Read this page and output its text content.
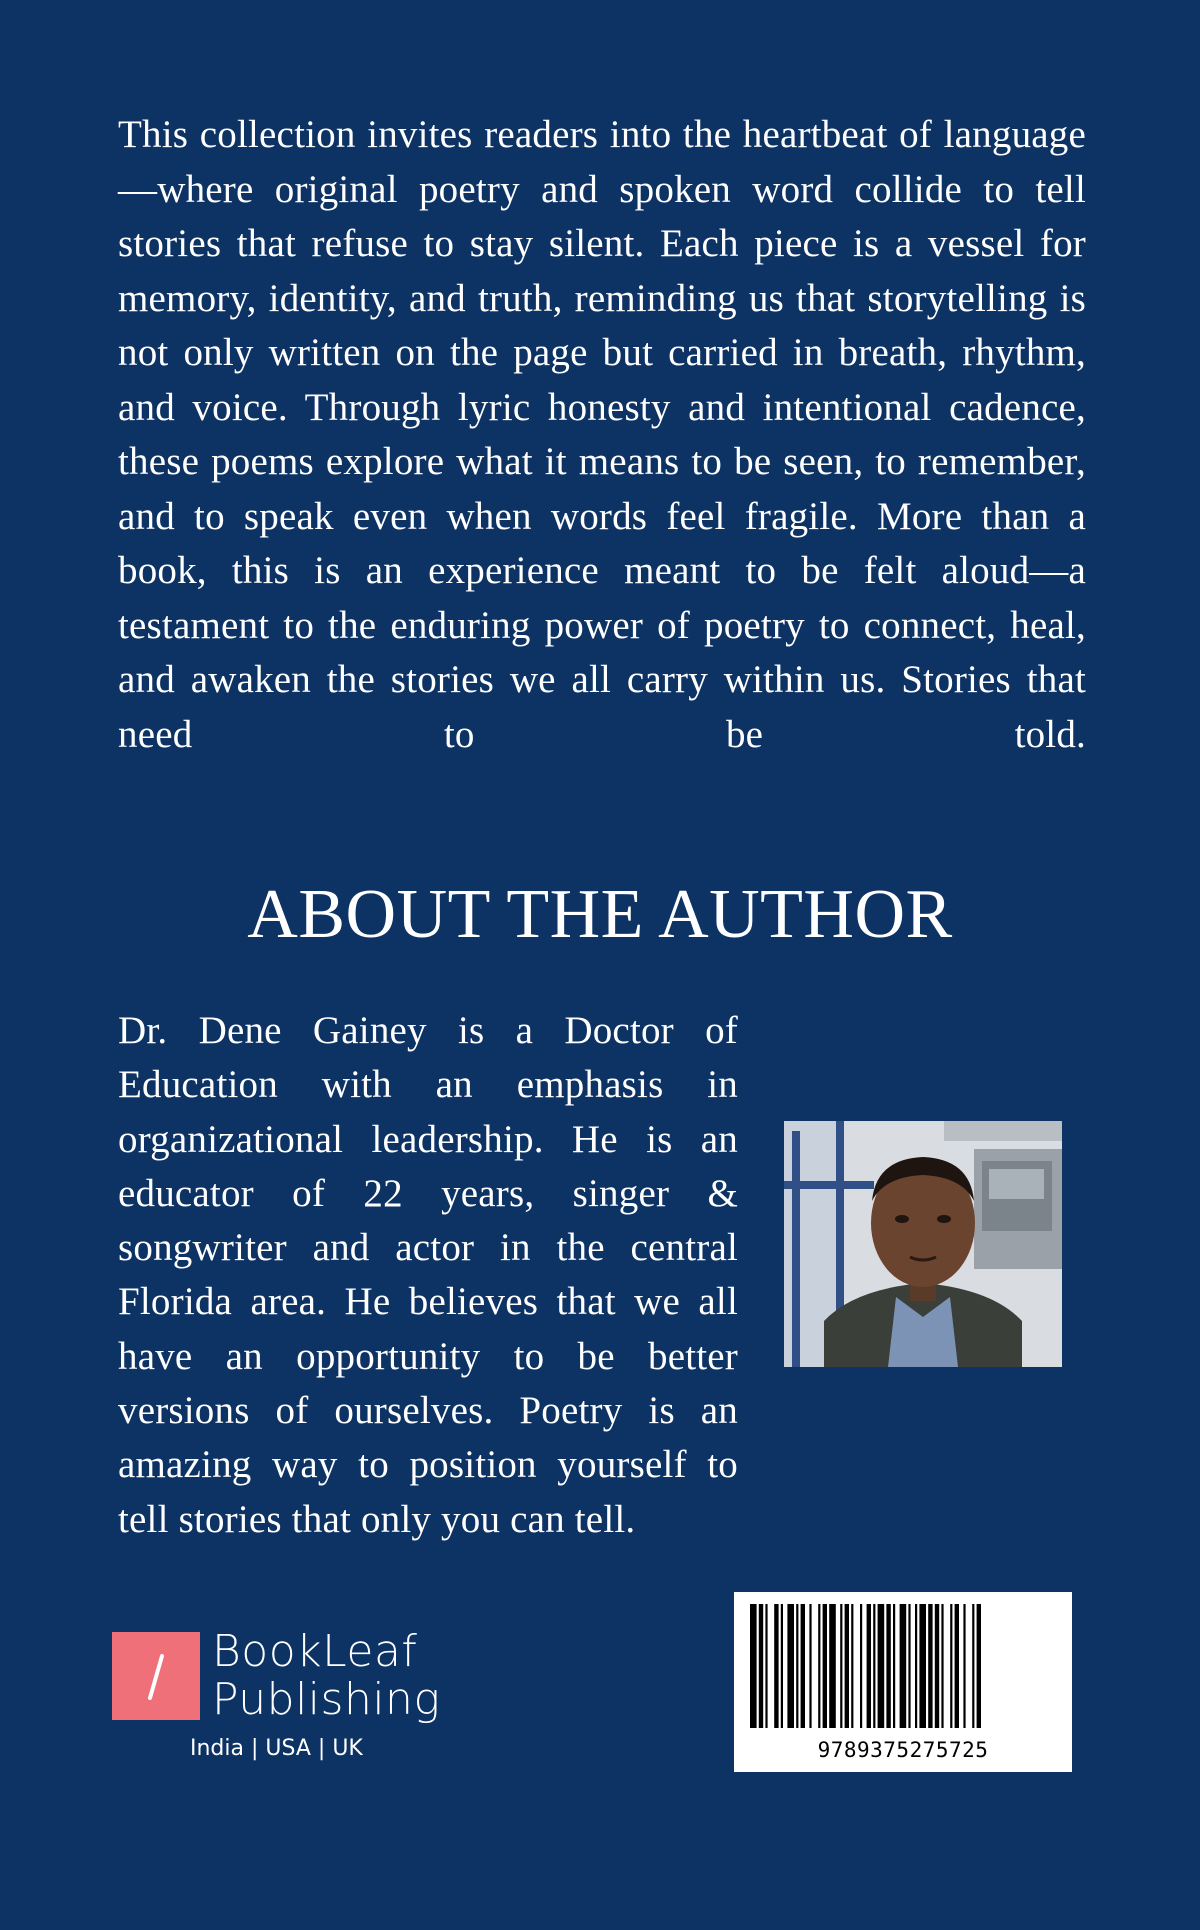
This collection invites readers into the heartbeat of language—where original poetry and spoken word collide to tell stories that refuse to stay silent. Each piece is a vessel for memory, identity, and truth, reminding us that storytelling is not only written on the page but carried in breath, rhythm, and voice. Through lyric honesty and intentional cadence, these poems explore what it means to be seen, to remember, and to speak even when words feel fragile. More than a book, this is an experience meant to be felt aloud—a testament to the enduring power of poetry to connect, heal, and awaken the stories we all carry within us. Stories that need to be told.
ABOUT THE AUTHOR
Dr. Dene Gainey is a Doctor of Education with an emphasis in organizational leadership. He is an educator of 22 years, singer & songwriter and actor in the central Florida area. He believes that we all have an opportunity to be better versions of ourselves. Poetry is an amazing way to position yourself to tell stories that only you can tell.
BookLeaf
Publishing
India | USA | UK	9789375275725
